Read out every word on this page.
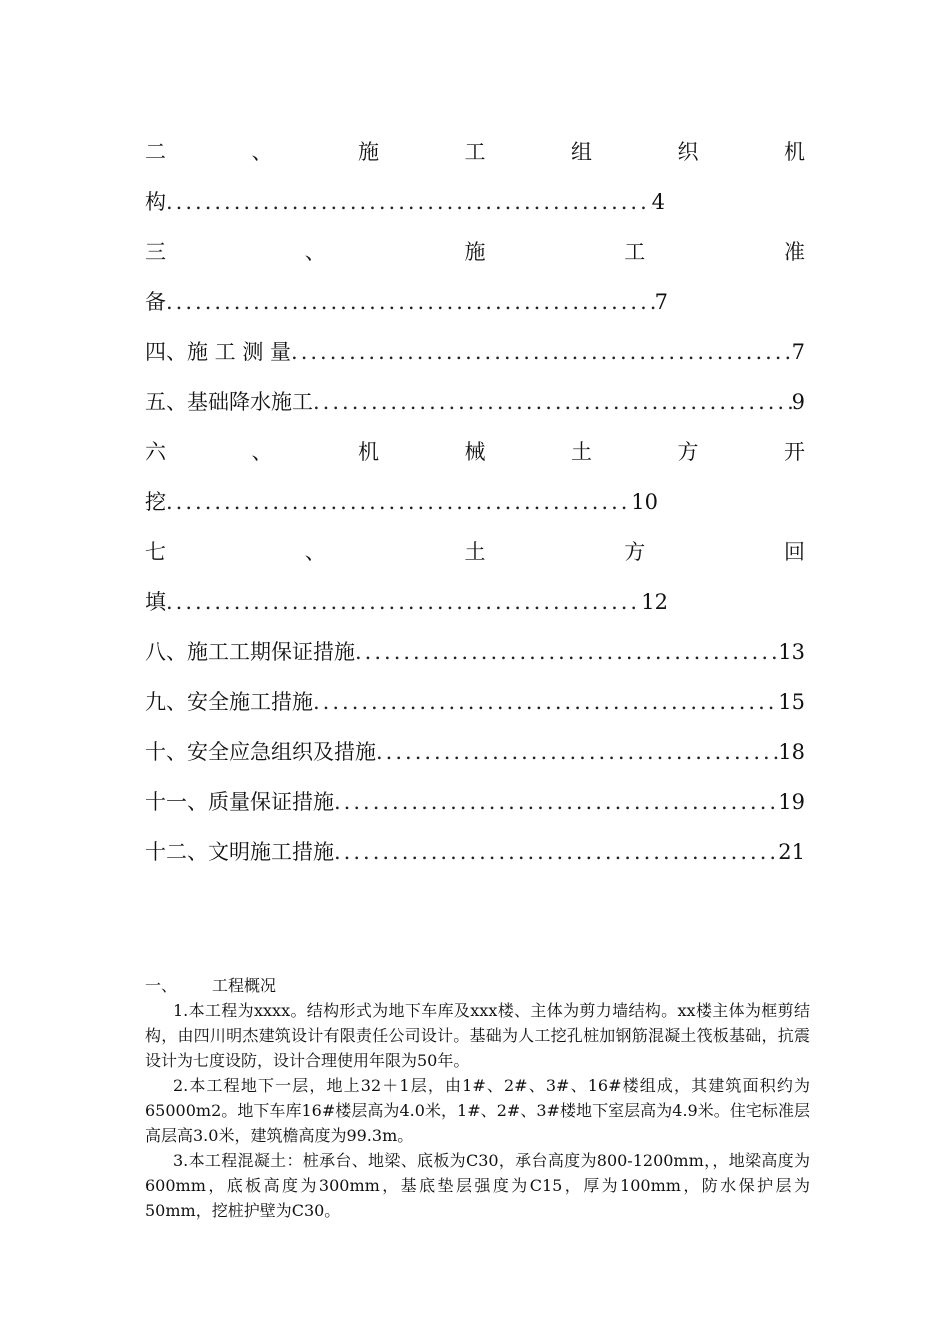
二	、	施	工	组	织	机
构 .....	4
三	、	施	工	准
备 .....	7
四、施 工 测 量 .....	7
五、基础降水施工 .....	9
六	、	机	械	土	方	开
挖 .....	10
七	、	土	方	回
填 .....	12
八、施工工期保证措施 .....	13
九、安全施工措施 .....	15
十、安全应急组织及措施 .....	18
十一、质量保证措施 .....	19
十二、文明施工措施 .....	21
一、 工程概况

1.本工程为xxxx。结构形式为地下车库及xxx楼、主体为剪力墙结构。xx楼主体为框剪结构，由四川明杰建筑设计有限责任公司设计。基础为人工挖孔桩加钢筋混凝土筏板基础，抗震设计为七度设防，设计合理使用年限为50年。

2.本工程地下一层，地上32＋1层，由1#、2#、3#、16#楼组成，其建筑面积约为65000m2。地下车库16#楼层高为4.0米，1#、2#、3#楼地下室层高为4.9米。住宅标准层高层高3.0米，建筑檐高度为99.3m。

3.本工程混凝土：桩承台、地梁、底板为C30，承台高度为800-1200mm，，地梁高度为600mm，底板高度为300mm，基底垫层强度为C15，厚为100mm，防水保护层为50mm，挖桩护壁为C30。
